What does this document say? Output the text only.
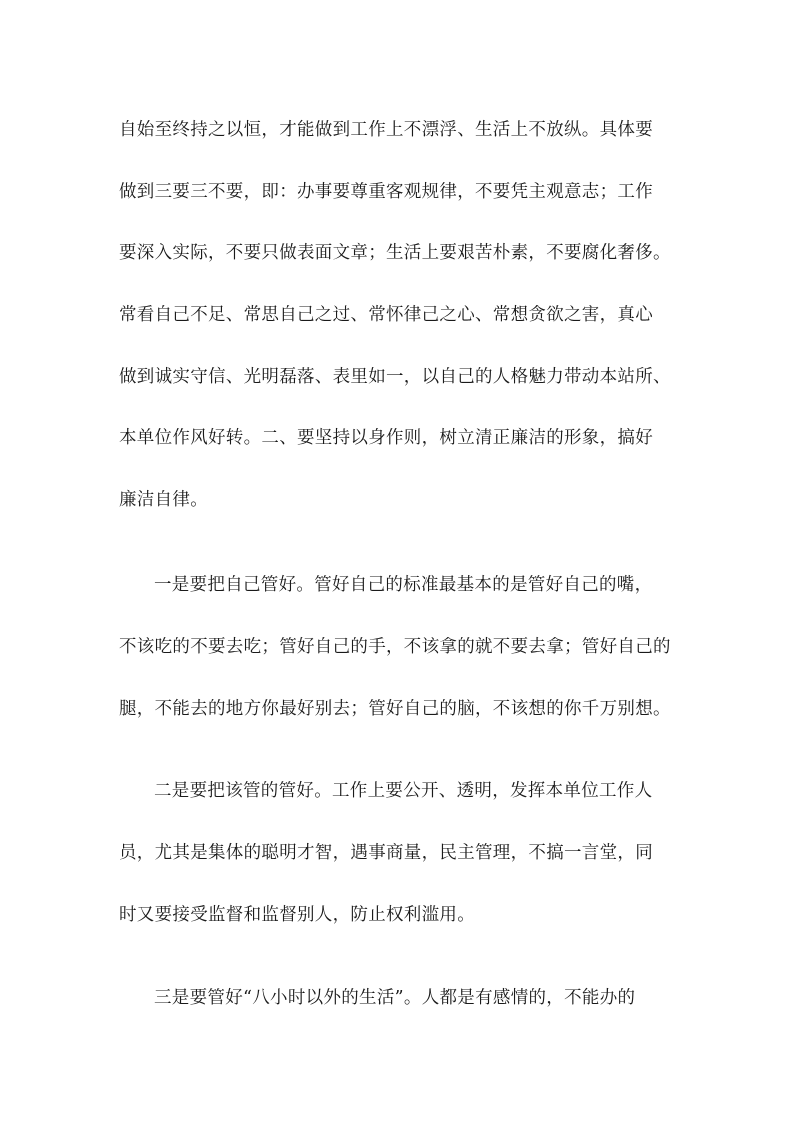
自始至终持之以恒，才能做到工作上不漂浮、生活上不放纵。具体要
做到三要三不要，即：办事要尊重客观规律，不要凭主观意志；工作
要深入实际，不要只做表面文章；生活上要艰苦朴素，不要腐化奢侈。
常看自己不足、常思自己之过、常怀律己之心、常想贪欲之害，真心
做到诚实守信、光明磊落、表里如一，以自己的人格魅力带动本站所、
本单位作风好转。二、要坚持以身作则，树立清正廉洁的形象，搞好
廉洁自律。
一是要把自己管好。管好自己的标准最基本的是管好自己的嘴，
不该吃的不要去吃；管好自己的手，不该拿的就不要去拿；管好自己的
腿，不能去的地方你最好别去；管好自己的脑，不该想的你千万别想。
二是要把该管的管好。工作上要公开、透明，发挥本单位工作人
员，尤其是集体的聪明才智，遇事商量，民主管理，不搞一言堂，同
时又要接受监督和监督别人，防止权利滥用。
三是要管好“八小时以外的生活”。人都是有感情的，不能办的
